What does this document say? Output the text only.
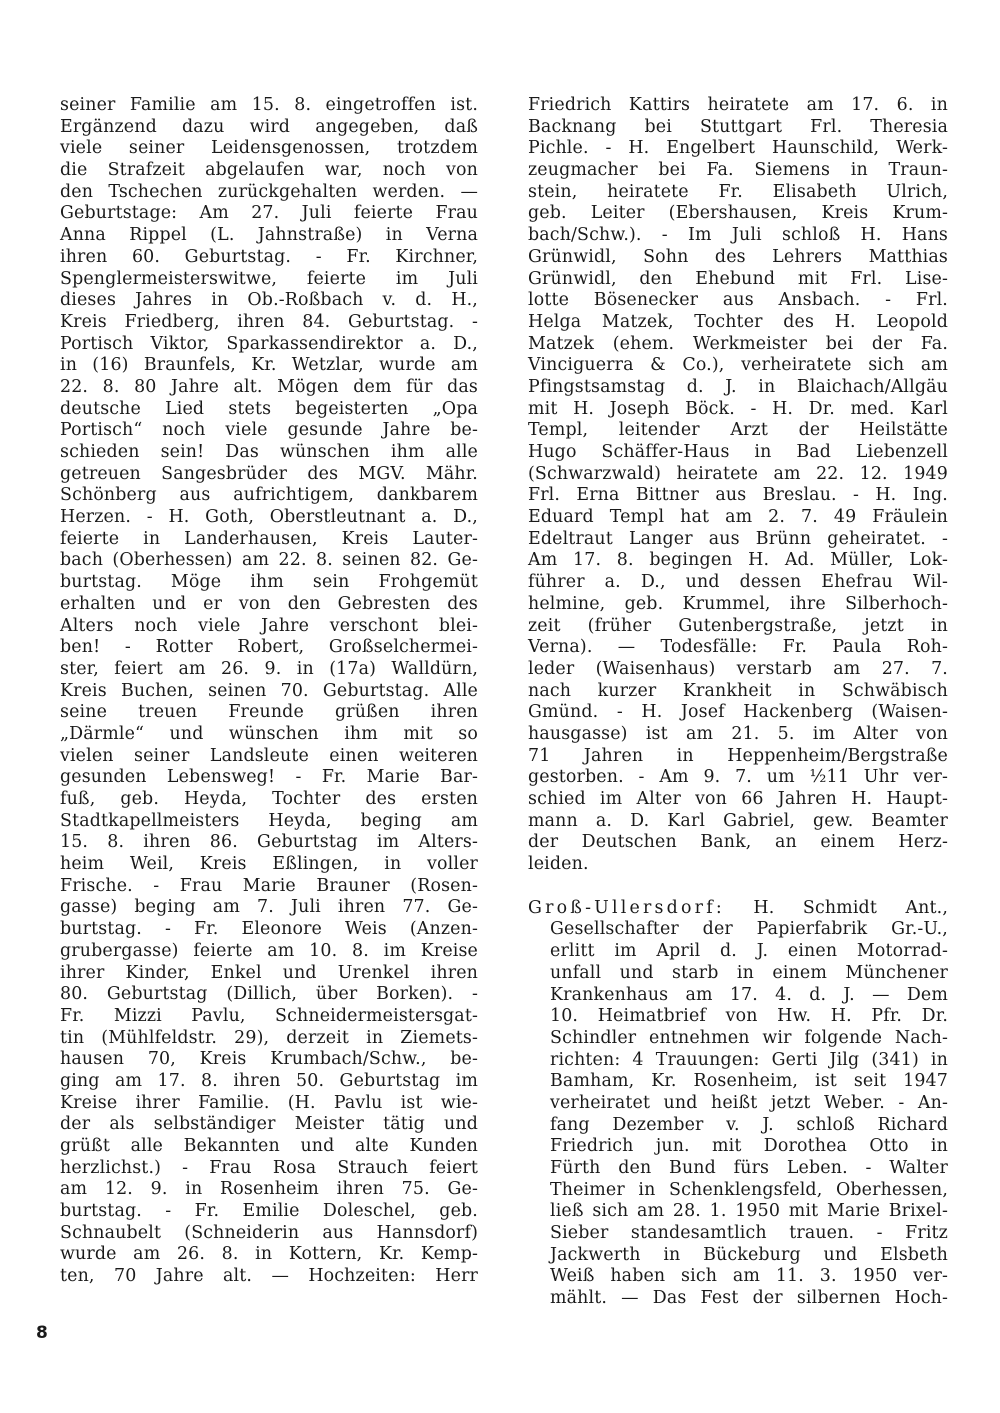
seiner Familie am 15. 8. eingetroffen ist.
Ergänzend dazu wird angegeben, daß
viele seiner Leidensgenossen, trotzdem
die Strafzeit abgelaufen war, noch von
den Tschechen zurückgehalten werden. —
Geburtstage: Am 27. Juli feierte Frau
Anna Rippel (L. Jahnstraße) in Verna
ihren 60. Geburtstag. - Fr. Kirchner,
Spenglermeisterswitwe, feierte im Juli
dieses Jahres in Ob.-Roßbach v. d. H.,
Kreis Friedberg, ihren 84. Geburtstag. -
Portisch Viktor, Sparkassendirektor a. D.,
in (16) Braunfels, Kr. Wetzlar, wurde am
22. 8. 80 Jahre alt. Mögen dem für das
deutsche Lied stets begeisterten „Opa
Portisch“ noch viele gesunde Jahre be-
schieden sein! Das wünschen ihm alle
getreuen Sangesbrüder des MGV. Mähr.
Schönberg aus aufrichtigem, dankbarem
Herzen. - H. Goth, Oberstleutnant a. D.,
feierte in Landerhausen, Kreis Lauter-
bach (Oberhessen) am 22. 8. seinen 82. Ge-
burtstag. Möge ihm sein Frohgemüt
erhalten und er von den Gebresten des
Alters noch viele Jahre verschont blei-
ben! - Rotter Robert, Großselchermei-
ster, feiert am 26. 9. in (17a) Walldürn,
Kreis Buchen, seinen 70. Geburtstag. Alle
seine treuen Freunde grüßen ihren
„Därmle“ und wünschen ihm mit so
vielen seiner Landsleute einen weiteren
gesunden Lebensweg! - Fr. Marie Bar-
fuß, geb. Heyda, Tochter des ersten
Stadtkapellmeisters Heyda, beging am
15. 8. ihren 86. Geburtstag im Alters-
heim Weil, Kreis Eßlingen, in voller
Frische. - Frau Marie Brauner (Rosen-
gasse) beging am 7. Juli ihren 77. Ge-
burtstag. - Fr. Eleonore Weis (Anzen-
grubergasse) feierte am 10. 8. im Kreise
ihrer Kinder, Enkel und Urenkel ihren
80. Geburtstag (Dillich, über Borken). -
Fr. Mizzi Pavlu, Schneidermeistersgat-
tin (Mühlfeldstr. 29), derzeit in Ziemets-
hausen 70, Kreis Krumbach/Schw., be-
ging am 17. 8. ihren 50. Geburtstag im
Kreise ihrer Familie. (H. Pavlu ist wie-
der als selbständiger Meister tätig und
grüßt alle Bekannten und alte Kunden
herzlichst.) - Frau Rosa Strauch feiert
am 12. 9. in Rosenheim ihren 75. Ge-
burtstag. - Fr. Emilie Doleschel, geb.
Schnaubelt (Schneiderin aus Hannsdorf)
wurde am 26. 8. in Kottern, Kr. Kemp-
ten, 70 Jahre alt. — Hochzeiten: Herr
Friedrich Kattirs heiratete am 17. 6. in
Backnang bei Stuttgart Frl. Theresia
Pichle. - H. Engelbert Haunschild, Werk-
zeugmacher bei Fa. Siemens in Traun-
stein, heiratete Fr. Elisabeth Ulrich,
geb. Leiter (Ebershausen, Kreis Krum-
bach/Schw.). - Im Juli schloß H. Hans
Grünwidl, Sohn des Lehrers Matthias
Grünwidl, den Ehebund mit Frl. Lise-
lotte Bösenecker aus Ansbach. - Frl.
Helga Matzek, Tochter des H. Leopold
Matzek (ehem. Werkmeister bei der Fa.
Vinciguerra & Co.), verheiratete sich am
Pfingstsamstag d. J. in Blaichach/Allgäu
mit H. Joseph Böck. - H. Dr. med. Karl
Templ, leitender Arzt der Heilstätte
Hugo Schäffer-Haus in Bad Liebenzell
(Schwarzwald) heiratete am 22. 12. 1949
Frl. Erna Bittner aus Breslau. - H. Ing.
Eduard Templ hat am 2. 7. 49 Fräulein
Edeltraut Langer aus Brünn geheiratet. -
Am 17. 8. begingen H. Ad. Müller, Lok-
führer a. D., und dessen Ehefrau Wil-
helmine, geb. Krummel, ihre Silberhoch-
zeit (früher Gutenbergstraße, jetzt in
Verna). — Todesfälle: Fr. Paula Roh-
leder (Waisenhaus) verstarb am 27. 7.
nach kurzer Krankheit in Schwäbisch
Gmünd. - H. Josef Hackenberg (Waisen-
hausgasse) ist am 21. 5. im Alter von
71 Jahren in Heppenheim/Bergstraße
gestorben. - Am 9. 7. um ½11 Uhr ver-
schied im Alter von 66 Jahren H. Haupt-
mann a. D. Karl Gabriel, gew. Beamter
der Deutschen Bank, an einem Herz-
leiden.
Groß-Ullersdorf: H. Schmidt Ant.,
Gesellschafter der Papierfabrik Gr.-U.,
erlitt im April d. J. einen Motorrad-
unfall und starb in einem Münchener
Krankenhaus am 17. 4. d. J. — Dem
10. Heimatbrief von Hw. H. Pfr. Dr.
Schindler entnehmen wir folgende Nach-
richten: 4 Trauungen: Gerti Jilg (341) in
Bamham, Kr. Rosenheim, ist seit 1947
verheiratet und heißt jetzt Weber. - An-
fang Dezember v. J. schloß Richard
Friedrich jun. mit Dorothea Otto in
Fürth den Bund fürs Leben. - Walter
Theimer in Schenklengsfeld, Oberhessen,
ließ sich am 28. 1. 1950 mit Marie Brixel-
Sieber standesamtlich trauen. - Fritz
Jackwerth in Bückeburg und Elsbeth
Weiß haben sich am 11. 3. 1950 ver-
mählt. — Das Fest der silbernen Hoch-
8
